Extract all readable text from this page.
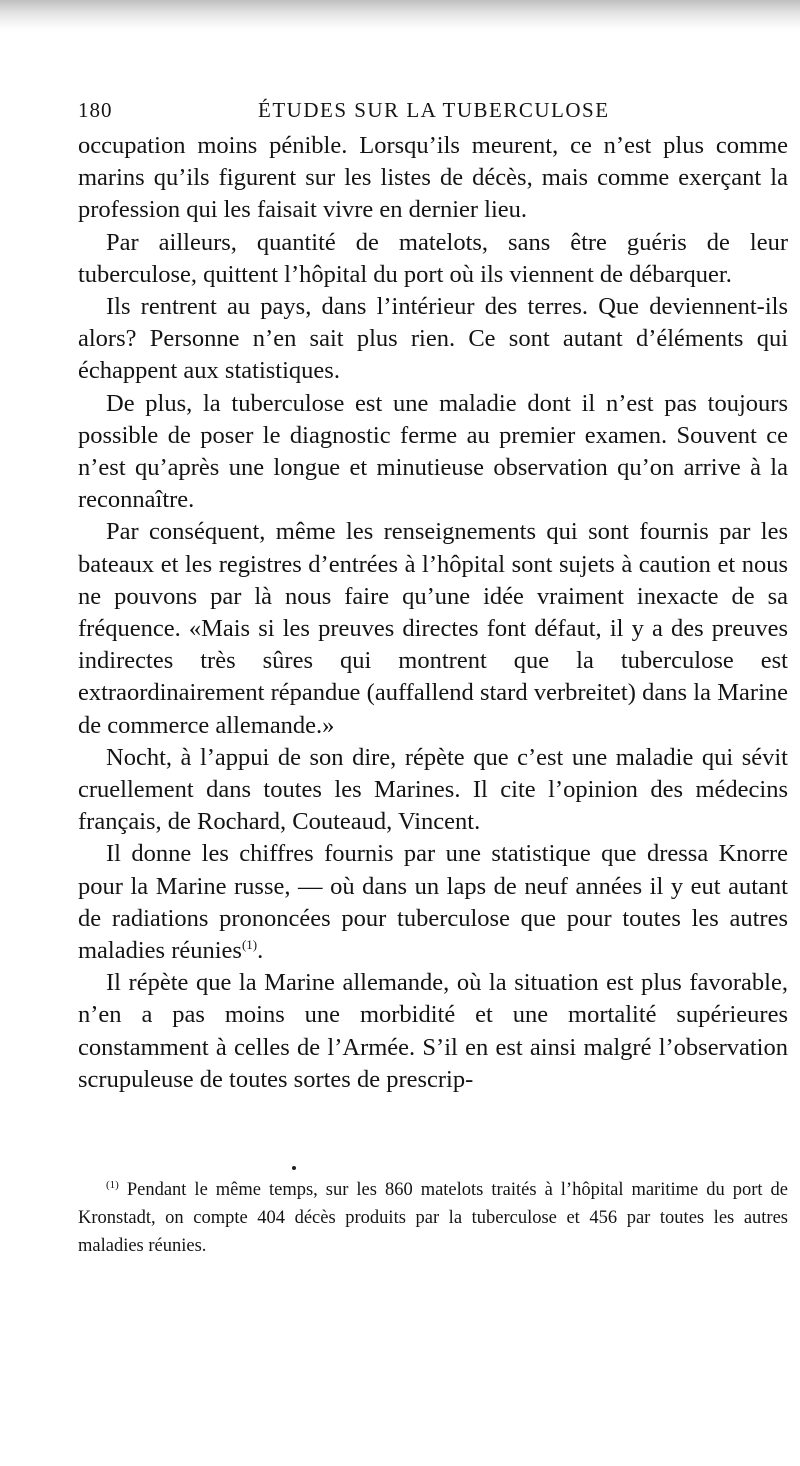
180	ÉTUDES SUR LA TUBERCULOSE

occupation moins pénible. Lorsqu’ils meurent, ce n’est plus comme marins qu’ils figurent sur les listes de décès, mais comme exerçant la profession qui les faisait vivre en dernier lieu.

Par ailleurs, quantité de matelots, sans être guéris de leur tuberculose, quittent l’hôpital du port où ils viennent de débarquer.

Ils rentrent au pays, dans l’intérieur des terres. Que deviennent-ils alors? Personne n’en sait plus rien. Ce sont autant d’éléments qui échappent aux statistiques.

De plus, la tuberculose est une maladie dont il n’est pas toujours possible de poser le diagnostic ferme au premier examen. Souvent ce n’est qu’après une longue et minutieuse observation qu’on arrive à la reconnaître.

Par conséquent, même les renseignements qui sont fournis par les bateaux et les registres d’entrées à l’hôpital sont sujets à caution et nous ne pouvons par là nous faire qu’une idée vraiment inexacte de sa fréquence. «Mais si les preuves directes font défaut, il y a des preuves indirectes très sûres qui montrent que la tuberculose est extraordinairement répandue (auffallend stard verbreitet) dans la Marine de commerce allemande.»

Nocht, à l’appui de son dire, répète que c’est une maladie qui sévit cruellement dans toutes les Marines. Il cite l’opinion des médecins français, de Rochard, Couteaud, Vincent.

Il donne les chiffres fournis par une statistique que dressa Knorre pour la Marine russe, — où dans un laps de neuf années il y eut autant de radiations prononcées pour tuberculose que pour toutes les autres maladies réunies$^{(1)}$.

Il répète que la Marine allemande, où la situation est plus favorable, n’en a pas moins une morbidité et une mortalité supérieures constamment à celles de l’Armée. S’il en est ainsi malgré l’observation scrupuleuse de toutes sortes de prescrip-

$^{(1)}$ Pendant le même temps, sur les 860 matelots traités à l’hôpital maritime du port de Kronstadt, on compte 404 décès produits par la tuberculose et 456 par toutes les autres maladies réunies.
